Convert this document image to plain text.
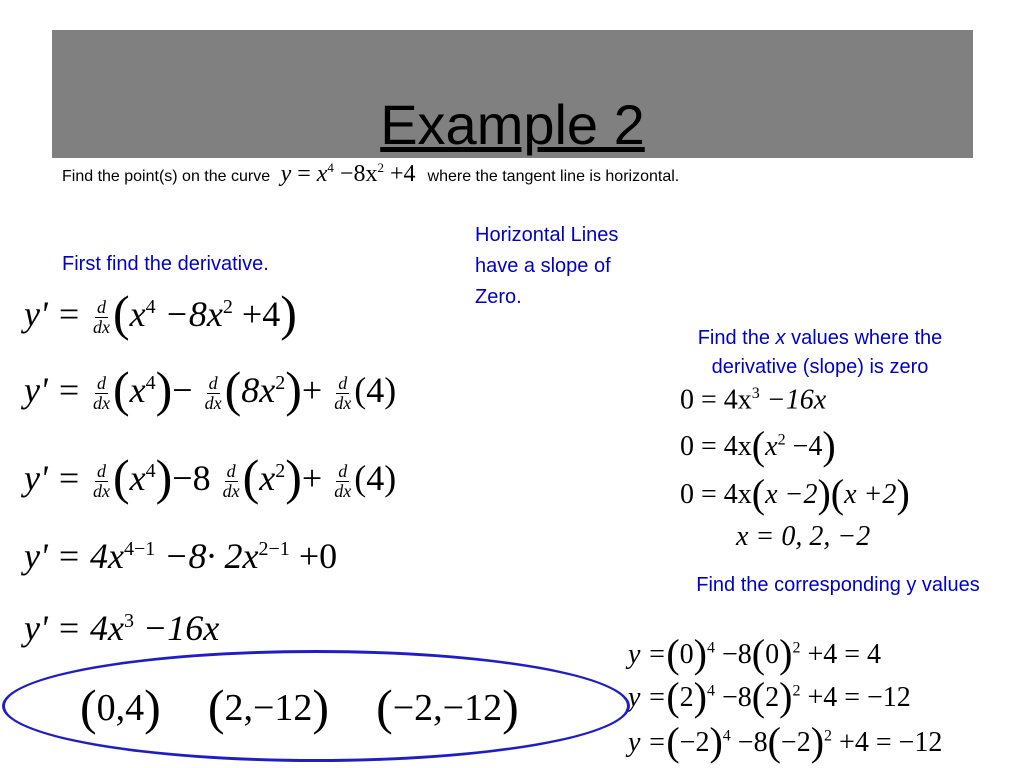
Example 2
Find the point(s) on the curve $y = x^4 -8x^2 +4$ where the tangent line is horizontal.
First find the derivative.
Horizontal Lines have a slope of Zero.
Find the x values where the derivative (slope) is zero
Find the corresponding y values
$y' = \frac{d}{dx} (x^4 -8x^2 +4)$
$y' = \frac{d}{dx} (x^4)- \frac{d}{dx} (8x^2)+ \frac{d}{dx} (4)$
$y' = \frac{d}{dx} (x^4)-8 \frac{d}{dx} (x^2)+ \frac{d}{dx} (4)$
$y' = 4x^{4-1} -8\cdot 2x^{2-1} +0$
$y' = 4x^3 -16x$
$0 = 4x^3 -16x$
$0 = 4x(x^2 -4)$
0 = 4x(x −2)(x +2)
x = 0, 2, −2
$y =(0)^4 -8(0)^2 +4 = 4$
$y =(2)^4 -8(2)^2 +4 = -12$
$y =(-2)^4 -8(-2)^2 +4 = -12$
(0,4) (2,−12) (−2,−12)
